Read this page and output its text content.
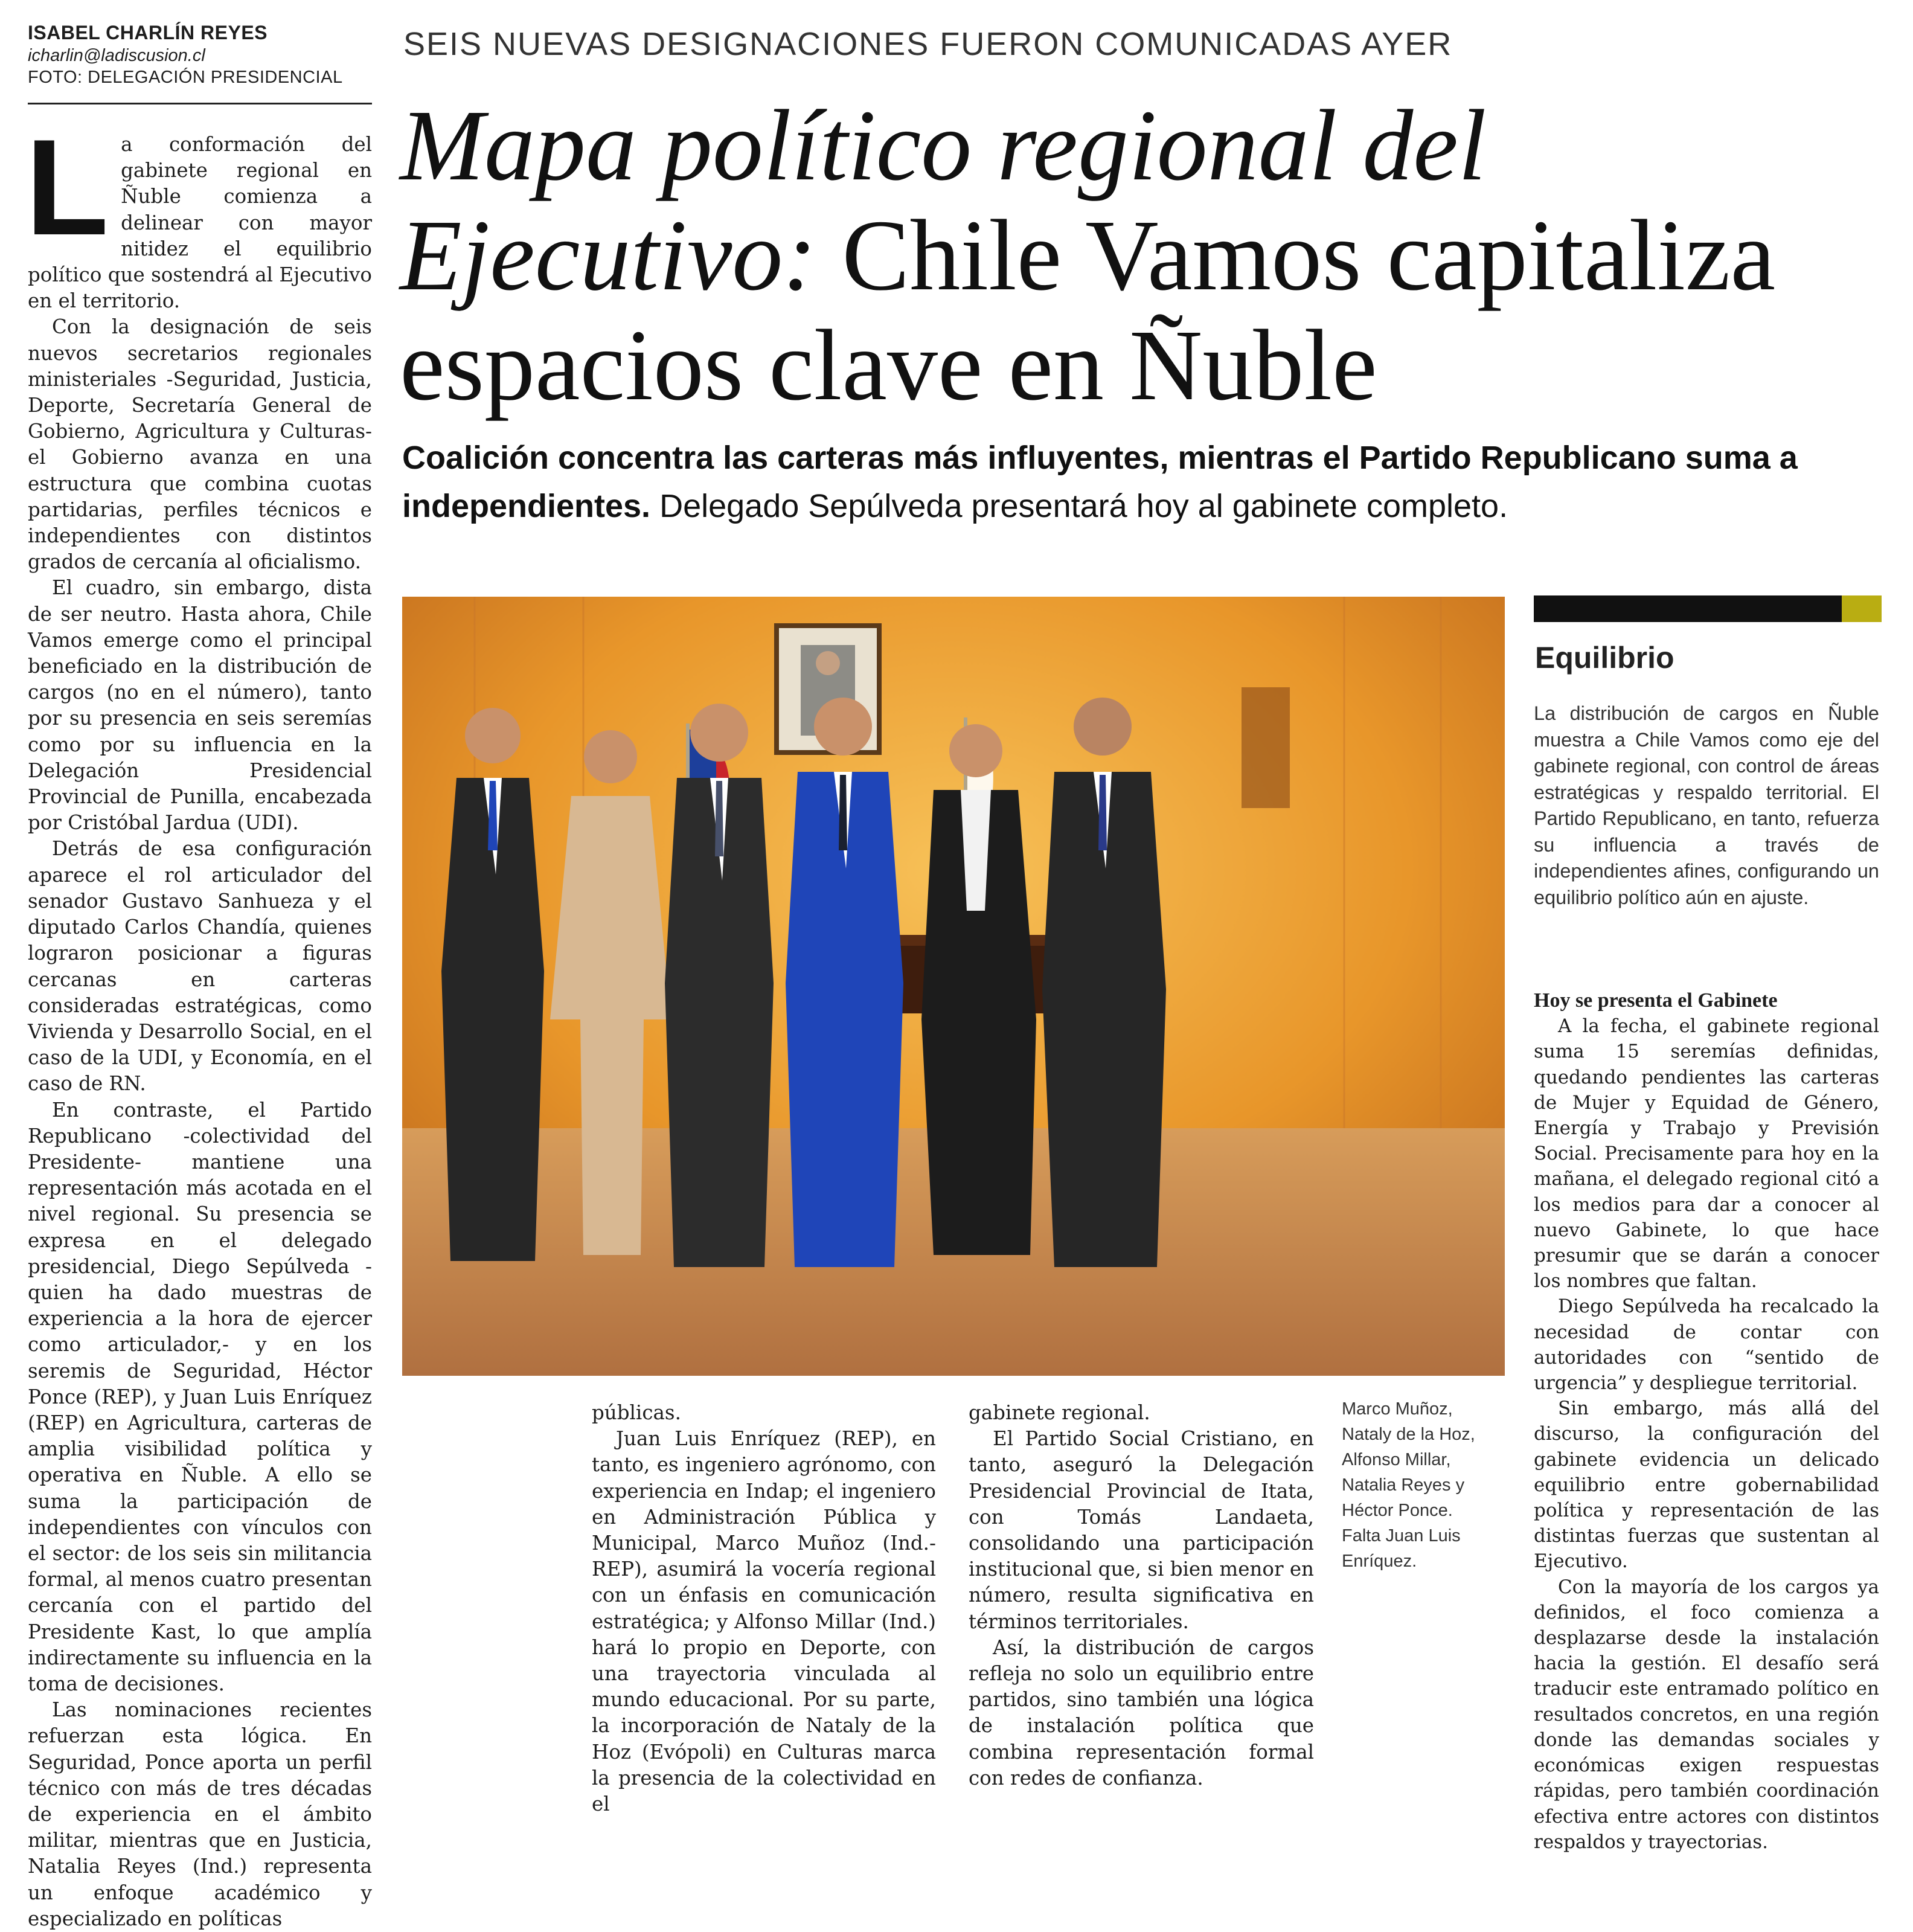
ISABEL CHARLÍN REYES
icharlin@ladiscusion.cl
FOTO: DELEGACIÓN PRESIDENCIAL
SEIS NUEVAS DESIGNACIONES FUERON COMUNICADAS AYER
Mapa político regional del Ejecutivo: Chile Vamos capitaliza espacios clave en Ñuble
Coalición concentra las carteras más influyentes, mientras el Partido Republicano suma a independientes. Delegado Sepúlveda presentará hoy al gabinete completo.

La conformación del gabinete regional en Ñuble comienza a delinear con mayor nitidez el equilibrio político que sostendrá al Ejecutivo en el territorio.

Con la designación de seis nuevos secretarios regionales ministeriales -Seguridad, Justicia, Deporte, Secretaría General de Gobierno, Agricultura y Culturas- el Gobierno avanza en una estructura que combina cuotas partidarias, perfiles técnicos e independientes con distintos grados de cercanía al oficialismo.

El cuadro, sin embargo, dista de ser neutro. Hasta ahora, Chile Vamos emerge como el principal beneficiado en la distribución de cargos (no en el número), tanto por su presencia en seis seremías como por su influencia en la Delegación Presidencial Provincial de Punilla, encabezada por Cristóbal Jardua (UDI).

Detrás de esa configuración aparece el rol articulador del senador Gustavo Sanhueza y el diputado Carlos Chandía, quienes lograron posicionar a figuras cercanas en carteras consideradas estratégicas, como Vivienda y Desarrollo Social, en el caso de la UDI, y Economía, en el caso de RN.

En contraste, el Partido Republicano -colectividad del Presidente- mantiene una representación más acotada en el nivel regional. Su presencia se expresa en el delegado presidencial, Diego Sepúlveda -quien ha dado muestras de experiencia a la hora de ejercer como articulador,- y en los seremis de Seguridad, Héctor Ponce (REP), y Juan Luis Enríquez (REP) en Agricultura, carteras de amplia visibilidad política y operativa en Ñuble. A ello se suma la participación de independientes con vínculos con el sector: de los seis sin militancia formal, al menos cuatro presentan cercanía con el partido del Presidente Kast, lo que amplía indirectamente su influencia en la toma de decisiones.

Las nominaciones recientes refuerzan esta lógica. En Seguridad, Ponce aporta un perfil técnico con más de tres décadas de experiencia en el ámbito militar, mientras que en Justicia, Natalia Reyes (Ind.) representa un enfoque académico y especializado en políticas

públicas.

Juan Luis Enríquez (REP), en tanto, es ingeniero agrónomo, con experiencia en Indap; el ingeniero en Administración Pública y Municipal, Marco Muñoz (Ind.-REP), asumirá la vocería regional con un énfasis en comunicación estratégica; y Alfonso Millar (Ind.) hará lo propio en Deporte, con una trayectoria vinculada al mundo educacional. Por su parte, la incorporación de Nataly de la Hoz (Evópoli) en Culturas marca la presencia de la colectividad en el

gabinete regional.

El Partido Social Cristiano, en tanto, aseguró la Delegación Presidencial Provincial de Itata, con Tomás Landaeta, consolidando una participación institucional que, si bien menor en número, resulta significativa en términos territoriales.

Así, la distribución de cargos refleja no solo un equilibrio entre partidos, sino también una lógica de instalación política que combina representación formal con redes de confianza.

Marco Muñoz, Nataly de la Hoz, Alfonso Millar, Natalia Reyes y Héctor Ponce.

Falta Juan Luis Enríquez.

Equilibrio
La distribución de cargos en Ñuble muestra a Chile Vamos como eje del gabinete regional, con control de áreas estratégicas y respaldo territorial. El Partido Republicano, en tanto, refuerza su influencia a través de independientes afines, configurando un equilibrio político aún en ajuste.

Hoy se presenta el Gabinete

A la fecha, el gabinete regional suma 15 seremías definidas, quedando pendientes las carteras de Mujer y Equidad de Género, Energía y Trabajo y Previsión Social. Precisamente para hoy en la mañana, el delegado regional citó a los medios para dar a conocer al nuevo Gabinete, lo que hace presumir que se darán a conocer los nombres que faltan.

Diego Sepúlveda ha recalcado la necesidad de contar con autoridades con “sentido de urgencia” y despliegue territorial.

Sin embargo, más allá del discurso, la configuración del gabinete evidencia un delicado equilibrio entre gobernabilidad política y representación de las distintas fuerzas que sustentan al Ejecutivo.

Con la mayoría de los cargos ya definidos, el foco comienza a desplazarse desde la instalación hacia la gestión. El desafío será traducir este entramado político en resultados concretos, en una región donde las demandas sociales y económicas exigen respuestas rápidas, pero también coordinación efectiva entre actores con distintos respaldos y trayectorias.
